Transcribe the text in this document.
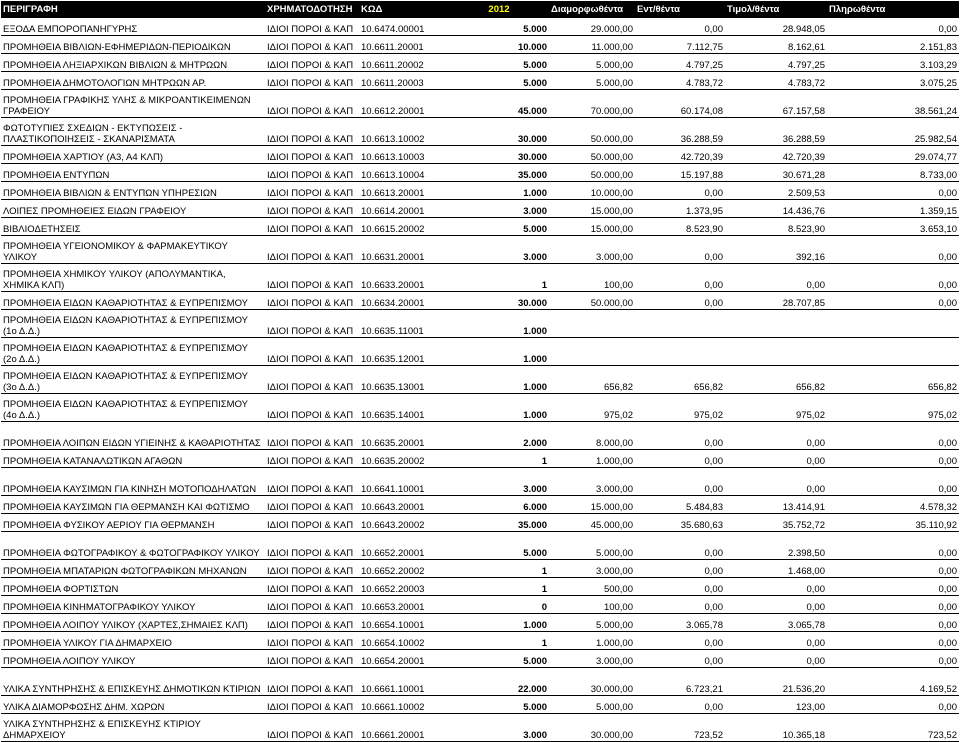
ΠΕΡΙΓΡΑΦΗ	ΧΡΗΜΑΤΟΔΟΤΗΣΗ	ΚΩΔ	2012	Διαμορφωθέντα	Εντ/θέντα	Τιμολ/θέντα	Πληρωθέντα
ΕΞΟΔΑ ΕΜΠΟΡΟΠΑΝΗΓΥΡΗΣ	ΙΔΙΟΙ ΠΟΡΟΙ & ΚΑΠ	10.6474.00001	5.000	29.000,00	0,00	28.948,05	0,00
ΠΡΟΜΗΘΕΙΑ ΒΙΒΛΙΩΝ-ΕΦΗΜΕΡΙΔΩΝ-ΠΕΡΙΟΔΙΚΩΝ	ΙΔΙΟΙ ΠΟΡΟΙ & ΚΑΠ	10.6611.20001	10.000	11.000,00	7.112,75	8.162,61	2.151,83
ΠΡΟΜΗΘΕΙΑ ΛΗΞΙΑΡΧΙΚΩΝ ΒΙΒΛΙΩΝ & ΜΗΤΡΩΩΝ	ΙΔΙΟΙ ΠΟΡΟΙ & ΚΑΠ	10.6611.20002	5.000	5.000,00	4.797,25	4.797,25	3.103,29
ΠΡΟΜΗΘΕΙΑ ΔΗΜΟΤΟΛΟΓΙΩΝ ΜΗΤΡΩΩΝ ΑΡ.	ΙΔΙΟΙ ΠΟΡΟΙ & ΚΑΠ	10.6611.20003	5.000	5.000,00	4.783,72	4.783,72	3.075,25
ΠΡΟΜΗΘΕΙΑ ΓΡΑΦΙΚΗΣ ΥΛΗΣ & ΜΙΚΡΟΑΝΤΙΚΕΙΜΕΝΩΝ ΓΡΑΦΕΙΟΥ	ΙΔΙΟΙ ΠΟΡΟΙ & ΚΑΠ	10.6612.20001	45.000	70.000,00	60.174,08	67.157,58	38.561,24
ΦΩΤΟΤΥΠΙΕΣ ΣΧΕΔΙΩΝ - ΕΚΤΥΠΩΣΕΙΣ - ΠΛΑΣΤΙΚΟΠΟΙΗΣΕΙΣ - ΣΚΑΝΑΡΙΣΜΑΤΑ	ΙΔΙΟΙ ΠΟΡΟΙ & ΚΑΠ	10.6613.10002	30.000	50.000,00	36.288,59	36.288,59	25.982,54
ΠΡΟΜΗΘΕΙΑ ΧΑΡΤΙΟΥ (Α3, Α4 ΚΛΠ)	ΙΔΙΟΙ ΠΟΡΟΙ & ΚΑΠ	10.6613.10003	30.000	50.000,00	42.720,39	42.720,39	29.074,77
ΠΡΟΜΗΘΕΙΑ ΕΝΤΥΠΩΝ	ΙΔΙΟΙ ΠΟΡΟΙ & ΚΑΠ	10.6613.10004	35.000	50.000,00	15.197,88	30.671,28	8.733,00
ΠΡΟΜΗΘΕΙΑ ΒΙΒΛΙΩΝ & ΕΝΤΥΠΩΝ ΥΠΗΡΕΣΙΩΝ	ΙΔΙΟΙ ΠΟΡΟΙ & ΚΑΠ	10.6613.20001	1.000	10.000,00	0,00	2.509,53	0,00
ΛΟΙΠΕΣ ΠΡΟΜΗΘΕΙΕΣ ΕΙΔΩΝ ΓΡΑΦΕΙΟΥ	ΙΔΙΟΙ ΠΟΡΟΙ & ΚΑΠ	10.6614.20001	3.000	15.000,00	1.373,95	14.436,76	1.359,15
ΒΙΒΛΙΟΔΕΤΗΣΕΙΣ	ΙΔΙΟΙ ΠΟΡΟΙ & ΚΑΠ	10.6615.20002	5.000	15.000,00	8.523,90	8.523,90	3.653,10
ΠΡΟΜΗΘΕΙΑ ΥΓΕΙΟΝΟΜΙΚΟΥ & ΦΑΡΜΑΚΕΥΤΙΚΟΥ ΥΛΙΚΟΥ	ΙΔΙΟΙ ΠΟΡΟΙ & ΚΑΠ	10.6631.20001	3.000	3.000,00	0,00	392,16	0,00
ΠΡΟΜΗΘΕΙΑ ΧΗΜΙΚΟΥ ΥΛΙΚΟΥ (ΑΠΟΛΥΜΑΝΤΙΚΑ, ΧΗΜΙΚΑ ΚΛΠ)	ΙΔΙΟΙ ΠΟΡΟΙ & ΚΑΠ	10.6633.20001	1	100,00	0,00	0,00	0,00
ΠΡΟΜΗΘΕΙΑ ΕΙΔΩΝ ΚΑΘΑΡΙΟΤΗΤΑΣ & ΕΥΠΡΕΠΙΣΜΟΥ	ΙΔΙΟΙ ΠΟΡΟΙ & ΚΑΠ	10.6634.20001	30.000	50.000,00	0,00	28.707,85	0,00
ΠΡΟΜΗΘΕΙΑ ΕΙΔΩΝ ΚΑΘΑΡΙΟΤΗΤΑΣ & ΕΥΠΡΕΠΙΣΜΟΥ (1ο Δ.Δ.)	ΙΔΙΟΙ ΠΟΡΟΙ & ΚΑΠ	10.6635.11001	1.000				
ΠΡΟΜΗΘΕΙΑ ΕΙΔΩΝ ΚΑΘΑΡΙΟΤΗΤΑΣ & ΕΥΠΡΕΠΙΣΜΟΥ (2ο Δ.Δ.)	ΙΔΙΟΙ ΠΟΡΟΙ & ΚΑΠ	10.6635.12001	1.000				
ΠΡΟΜΗΘΕΙΑ ΕΙΔΩΝ ΚΑΘΑΡΙΟΤΗΤΑΣ & ΕΥΠΡΕΠΙΣΜΟΥ (3ο Δ.Δ.)	ΙΔΙΟΙ ΠΟΡΟΙ & ΚΑΠ	10.6635.13001	1.000	656,82	656,82	656,82	656,82
ΠΡΟΜΗΘΕΙΑ ΕΙΔΩΝ ΚΑΘΑΡΙΟΤΗΤΑΣ & ΕΥΠΡΕΠΙΣΜΟΥ (4ο Δ.Δ.)	ΙΔΙΟΙ ΠΟΡΟΙ & ΚΑΠ	10.6635.14001	1.000	975,02	975,02	975,02	975,02
ΠΡΟΜΗΘΕΙΑ ΛΟΙΠΩΝ ΕΙΔΩΝ ΥΓΙΕΙΝΗΣ & ΚΑΘΑΡΙΟΤΗΤΑΣ	ΙΔΙΟΙ ΠΟΡΟΙ & ΚΑΠ	10.6635.20001	2.000	8.000,00	0,00	0,00	0,00
ΠΡΟΜΗΘΕΙΑ ΚΑΤΑΝΑΛΩΤΙΚΩΝ ΑΓΑΘΩΝ	ΙΔΙΟΙ ΠΟΡΟΙ & ΚΑΠ	10.6635.20002	1	1.000,00	0,00	0,00	0,00
ΠΡΟΜΗΘΕΙΑ ΚΑΥΣΙΜΩΝ ΓΙΑ ΚΙΝΗΣΗ ΜΟΤΟΠΟΔΗΛΑΤΩΝ	ΙΔΙΟΙ ΠΟΡΟΙ & ΚΑΠ	10.6641.10001	3.000	3.000,00	0,00	0,00	0,00
ΠΡΟΜΗΘΕΙΑ ΚΑΥΣΙΜΩΝ ΓΙΑ ΘΕΡΜΑΝΣΗ ΚΑΙ ΦΩΤΙΣΜΟ	ΙΔΙΟΙ ΠΟΡΟΙ & ΚΑΠ	10.6643.20001	6.000	15.000,00	5.484,83	13.414,91	4.578,32
ΠΡΟΜΗΘΕΙΑ ΦΥΣΙΚΟΥ ΑΕΡΙΟΥ ΓΙΑ ΘΕΡΜΑΝΣΗ	ΙΔΙΟΙ ΠΟΡΟΙ & ΚΑΠ	10.6643.20002	35.000	45.000,00	35.680,63	35.752,72	35.110,92
ΠΡΟΜΗΘΕΙΑ ΦΩΤΟΓΡΑΦΙΚΟΥ & ΦΩΤΟΓΡΑΦΙΚΟΥ ΥΛΙΚΟΥ	ΙΔΙΟΙ ΠΟΡΟΙ & ΚΑΠ	10.6652.20001	5.000	5.000,00	0,00	2.398,50	0,00
ΠΡΟΜΗΘΕΙΑ ΜΠΑΤΑΡΙΩΝ ΦΩΤΟΓΡΑΦΙΚΩΝ ΜΗΧΑΝΩΝ	ΙΔΙΟΙ ΠΟΡΟΙ & ΚΑΠ	10.6652.20002	1	3.000,00	0,00	1.468,00	0,00
ΠΡΟΜΗΘΕΙΑ ΦΟΡΤΙΣΤΩΝ	ΙΔΙΟΙ ΠΟΡΟΙ & ΚΑΠ	10.6652.20003	1	500,00	0,00	0,00	0,00
ΠΡΟΜΗΘΕΙΑ ΚΙΝΗΜΑΤΟΓΡΑΦΙΚΟΥ ΥΛΙΚΟΥ	ΙΔΙΟΙ ΠΟΡΟΙ & ΚΑΠ	10.6653.20001	0	100,00	0,00	0,00	0,00
ΠΡΟΜΗΘΕΙΑ ΛΟΙΠΟΥ ΥΛΙΚΟΥ (ΧΑΡΤΕΣ,ΣΗΜΑΙΕΣ ΚΛΠ)	ΙΔΙΟΙ ΠΟΡΟΙ & ΚΑΠ	10.6654.10001	1.000	5.000,00	3.065,78	3.065,78	0,00
ΠΡΟΜΗΘΕΙΑ ΥΛΙΚΟΥ ΓΙΑ ΔΗΜΑΡΧΕΙΟ	ΙΔΙΟΙ ΠΟΡΟΙ & ΚΑΠ	10.6654.10002	1	1.000,00	0,00	0,00	0,00
ΠΡΟΜΗΘΕΙΑ ΛΟΙΠΟΥ ΥΛΙΚΟΥ	ΙΔΙΟΙ ΠΟΡΟΙ & ΚΑΠ	10.6654.20001	5.000	3.000,00	0,00	0,00	0,00
ΥΛΙΚΑ ΣΥΝΤΗΡΗΣΗΣ & ΕΠΙΣΚΕΥΗΣ ΔΗΜΟΤΙΚΩΝ ΚΤΙΡΙΩΝ	ΙΔΙΟΙ ΠΟΡΟΙ & ΚΑΠ	10.6661.10001	22.000	30.000,00	6.723,21	21.536,20	4.169,52
ΥΛΙΚΑ ΔΙΑΜΟΡΦΩΣΗΣ ΔΗΜ. ΧΩΡΩΝ	ΙΔΙΟΙ ΠΟΡΟΙ & ΚΑΠ	10.6661.10002	5.000	5.000,00	0,00	123,00	0,00
ΥΛΙΚΑ ΣΥΝΤΗΡΗΣΗΣ & ΕΠΙΣΚΕΥΗΣ ΚΤΙΡΙΟΥ ΔΗΜΑΡΧΕΙΟΥ	ΙΔΙΟΙ ΠΟΡΟΙ & ΚΑΠ	10.6661.20001	3.000	30.000,00	723,52	10.365,18	723,52
